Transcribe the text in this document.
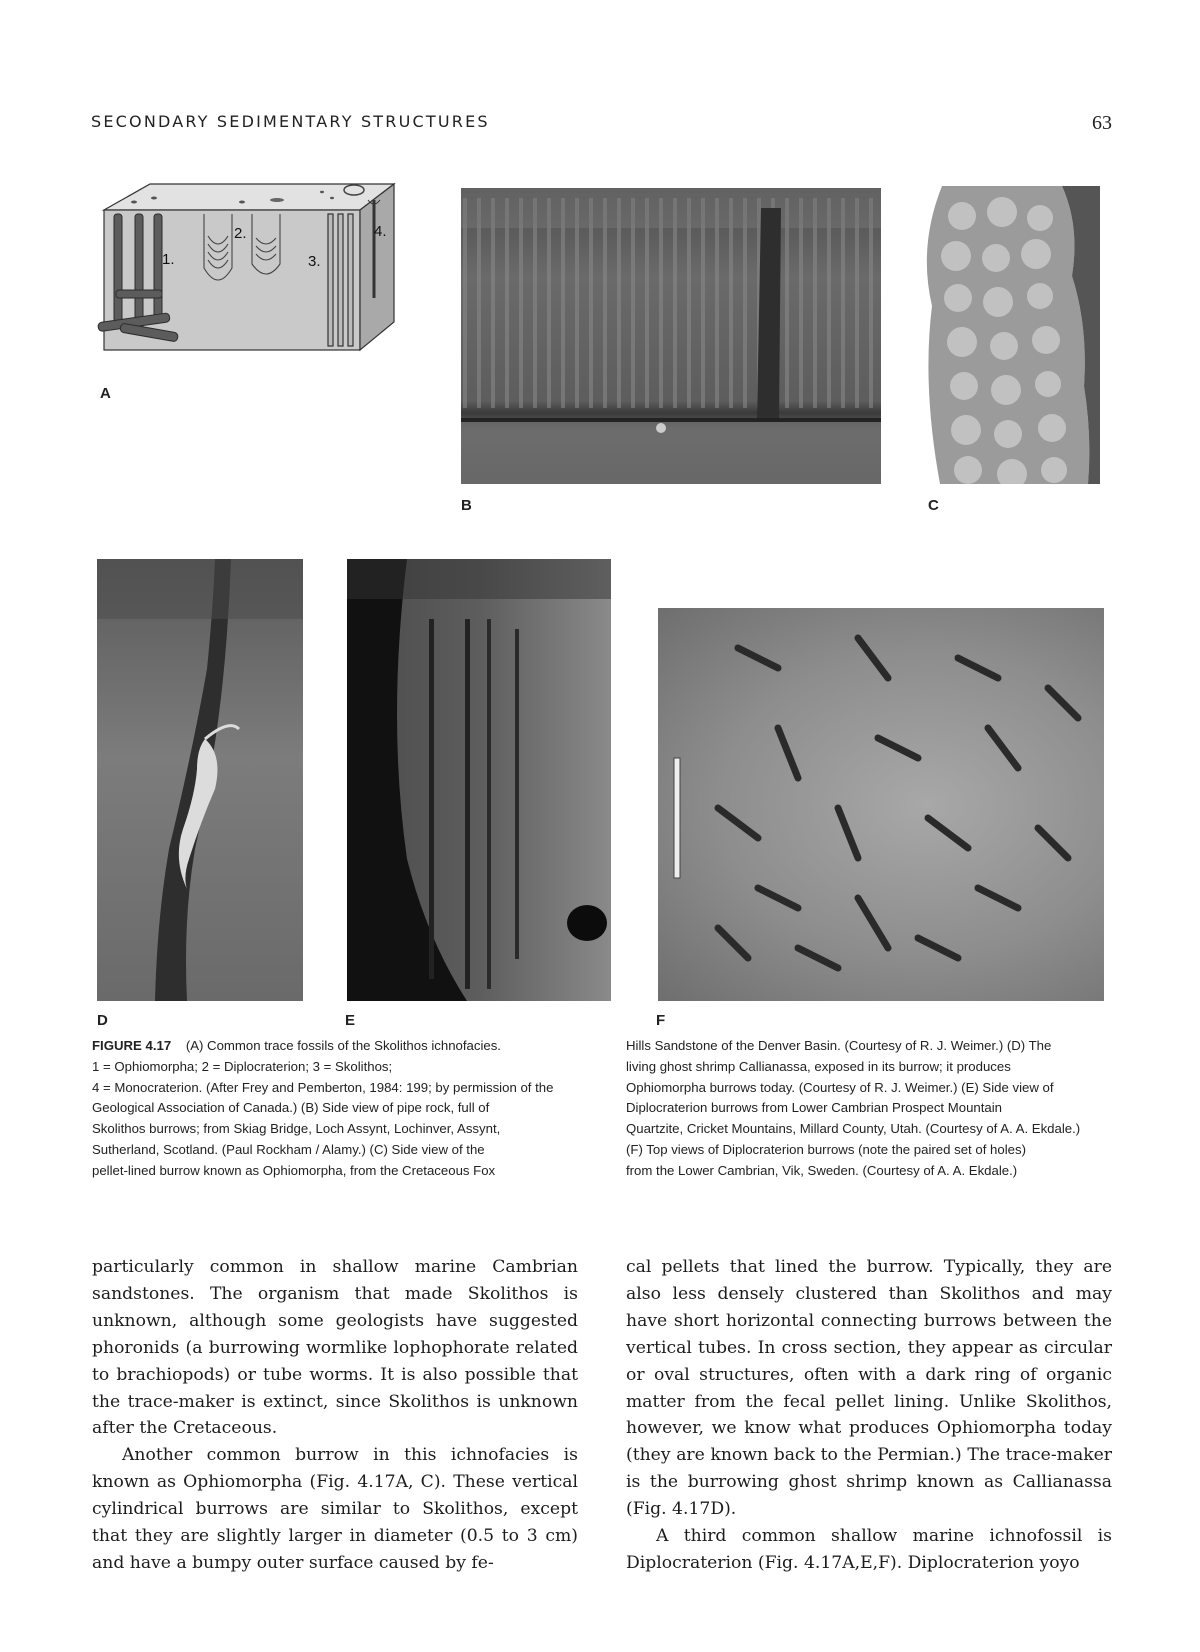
SECONDARY SEDIMENTARY STRUCTURES	63
1.
2.
3.
4.
A
B	C
D	E	F

FIGURE 4.17 (A) Common trace fossils of the Skolithos ichnofacies.

1 = Ophiomorpha; 2 = Diplocraterion; 3 = Skolithos;

4 = Monocraterion. (After Frey and Pemberton, 1984: 199; by permission of the

Geological Association of Canada.) (B) Side view of pipe rock, full of

Skolithos burrows; from Skiag Bridge, Loch Assynt, Lochinver, Assynt,

Sutherland, Scotland. (Paul Rockham / Alamy.) (C) Side view of the

pellet-lined burrow known as Ophiomorpha, from the Cretaceous Fox

Hills Sandstone of the Denver Basin. (Courtesy of R. J. Weimer.) (D) The

living ghost shrimp Callianassa, exposed in its burrow; it produces

Ophiomorpha burrows today. (Courtesy of R. J. Weimer.) (E) Side view of

Diplocraterion burrows from Lower Cambrian Prospect Mountain

Quartzite, Cricket Mountains, Millard County, Utah. (Courtesy of A. A. Ekdale.)

(F) Top views of Diplocraterion burrows (note the paired set of holes)

from the Lower Cambrian, Vik, Sweden. (Courtesy of A. A. Ekdale.)

particularly common in shallow marine Cambrian sandstones. The organism that made Skolithos is unknown, although some geologists have suggested phoronids (a burrowing wormlike lophophorate related to brachiopods) or tube worms. It is also possible that the trace-maker is extinct, since Skolithos is unknown after the Cretaceous.

Another common burrow in this ichnofacies is known as Ophiomorpha (Fig. 4.17A, C). These vertical cylindrical burrows are similar to Skolithos, except that they are slightly larger in diameter (0.5 to 3 cm) and have a bumpy outer surface caused by fe-

cal pellets that lined the burrow. Typically, they are also less densely clustered than Skolithos and may have short horizontal connecting burrows between the vertical tubes. In cross section, they appear as circular or oval structures, often with a dark ring of organic matter from the fecal pellet lining. Unlike Skolithos, however, we know what produces Ophiomorpha today (they are known back to the Permian.) The trace-maker is the burrowing ghost shrimp known as Callianassa (Fig. 4.17D).

A third common shallow marine ichnofossil is Diplocraterion (Fig. 4.17A,E,F). Diplocraterion yoyo
